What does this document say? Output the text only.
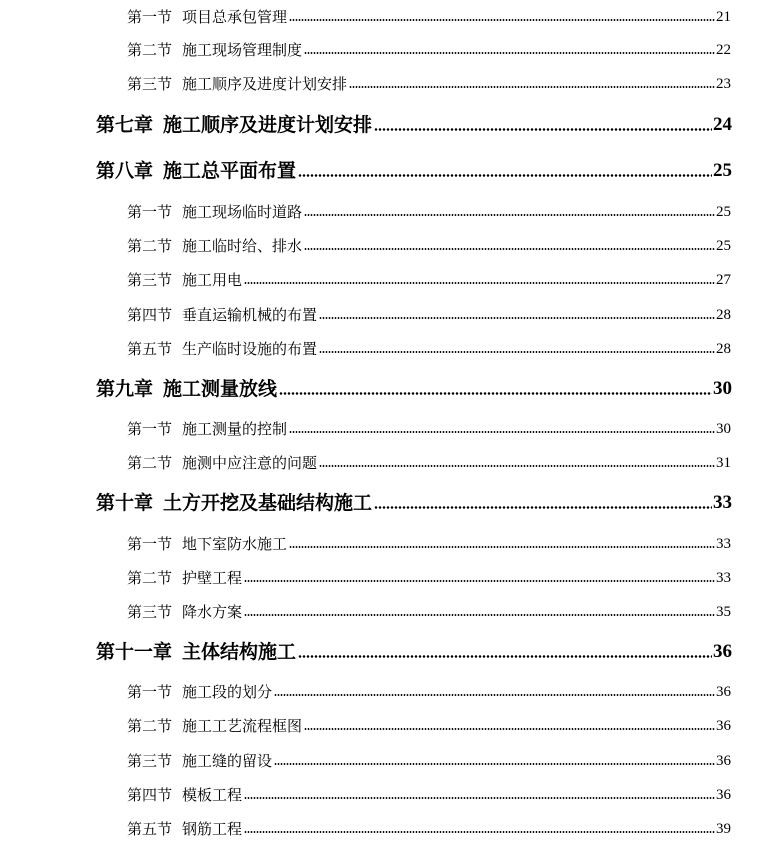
第一节 项目总承包管理	21
第二节 施工现场管理制度	22
第三节 施工顺序及进度计划安排	23
第七章 施工顺序及进度计划安排	24
第八章 施工总平面布置	25
第一节 施工现场临时道路	25
第二节 施工临时给、排水	25
第三节 施工用电	27
第四节 垂直运输机械的布置	28
第五节 生产临时设施的布置	28
第九章 施工测量放线	30
第一节 施工测量的控制	30
第二节 施测中应注意的问题	31
第十章 土方开挖及基础结构施工	33
第一节 地下室防水施工	33
第二节 护壁工程	33
第三节 降水方案	35
第十一章 主体结构施工	36
第一节 施工段的划分	36
第二节 施工工艺流程框图	36
第三节 施工缝的留设	36
第四节 模板工程	36
第五节 钢筋工程	39
